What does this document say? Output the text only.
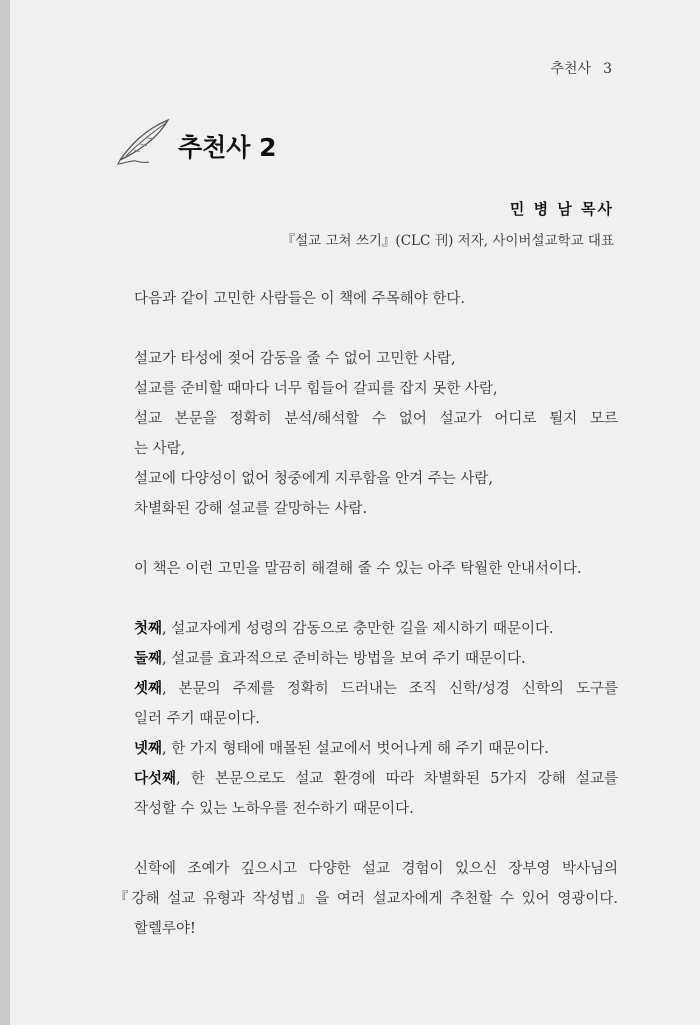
추천사 3
추천사 2
민 병 남 목사
『설교 고쳐 쓰기』(CLC 刊) 저자, 사이버설교학교 대표

다음과 같이 고민한 사람들은 이 책에 주목해야 한다.

설교가 타성에 젖어 감동을 줄 수 없어 고민한 사람,

설교를 준비할 때마다 너무 힘들어 갈피를 잡지 못한 사람,

설교 본문을 정확히 분석/해석할 수 없어 설교가 어디로 튈지 모르

는 사람,

설교에 다양성이 없어 청중에게 지루함을 안겨 주는 사람,

차별화된 강해 설교를 갈망하는 사람.

이 책은 이런 고민을 말끔히 해결해 줄 수 있는 아주 탁월한 안내서이다.

첫째, 설교자에게 성령의 감동으로 충만한 길을 제시하기 때문이다.

둘째, 설교를 효과적으로 준비하는 방법을 보여 주기 때문이다.

셋째, 본문의 주제를 정확히 드러내는 조직 신학/성경 신학의 도구를

일러 주기 때문이다.

넷째, 한 가지 형태에 매몰된 설교에서 벗어나게 해 주기 때문이다.

다섯째, 한 본문으로도 설교 환경에 따라 차별화된 5가지 강해 설교를

작성할 수 있는 노하우를 전수하기 때문이다.

신학에 조예가 깊으시고 다양한 설교 경험이 있으신 장부영 박사님의

『강해 설교 유형과 작성법』을 여러 설교자에게 추천할 수 있어 영광이다.

할렐루야!
